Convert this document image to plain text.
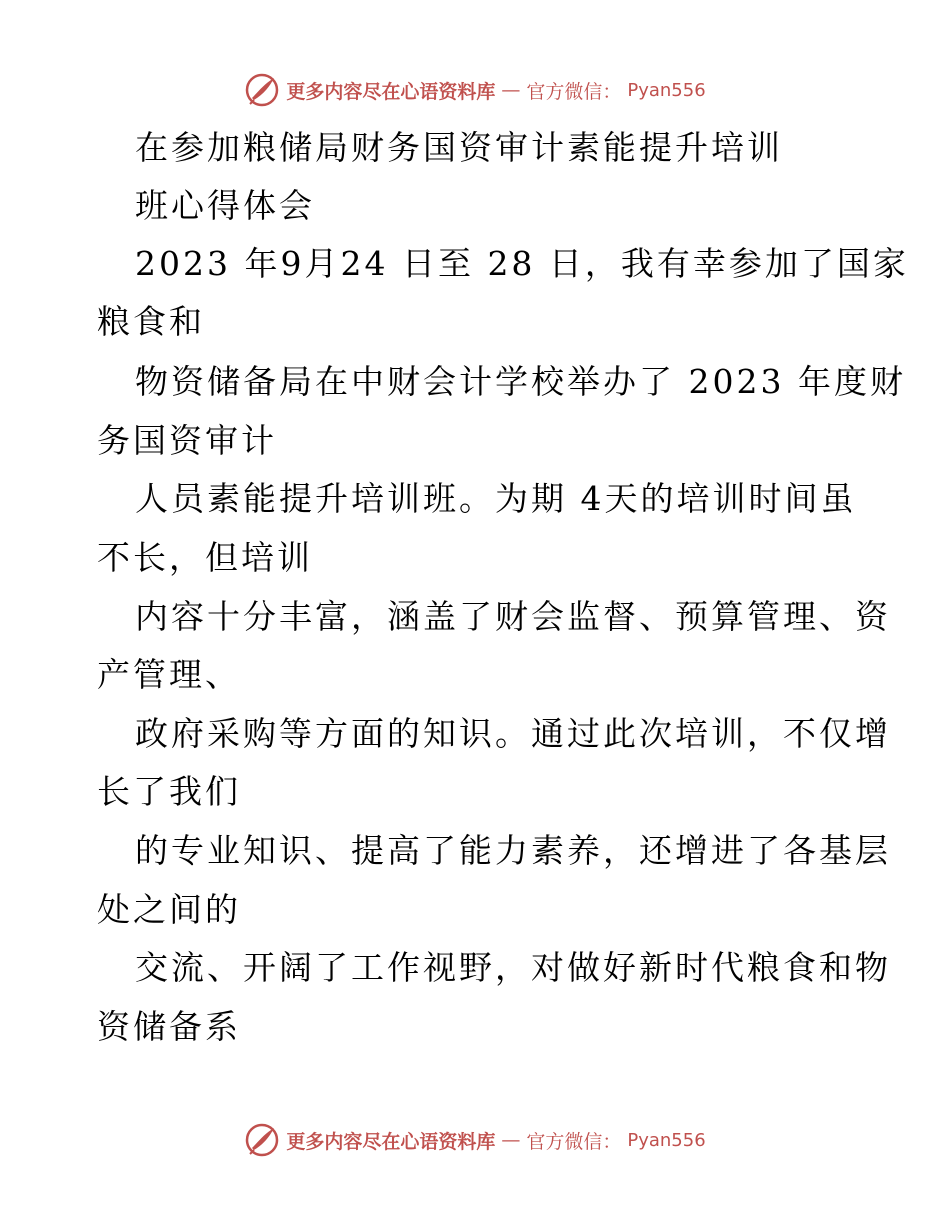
更多内容尽在心语资料库 — 官方微信： Pyan556
在参加粮储局财务国资审计素能提升培训
班心得体会
2023 年9月24 日至 28 日，我有幸参加了国家
粮食和
物资储备局在中财会计学校举办了 2023 年度财
务国资审计
人员素能提升培训班。为期 4天的培训时间虽
不长，但培训
内容十分丰富，涵盖了财会监督、预算管理、资
产管理、
政府采购等方面的知识。通过此次培训，不仅增
长了我们
的专业知识、提高了能力素养，还增进了各基层
处之间的
交流、开阔了工作视野，对做好新时代粮食和物
资储备系
更多内容尽在心语资料库 — 官方微信： Pyan556
